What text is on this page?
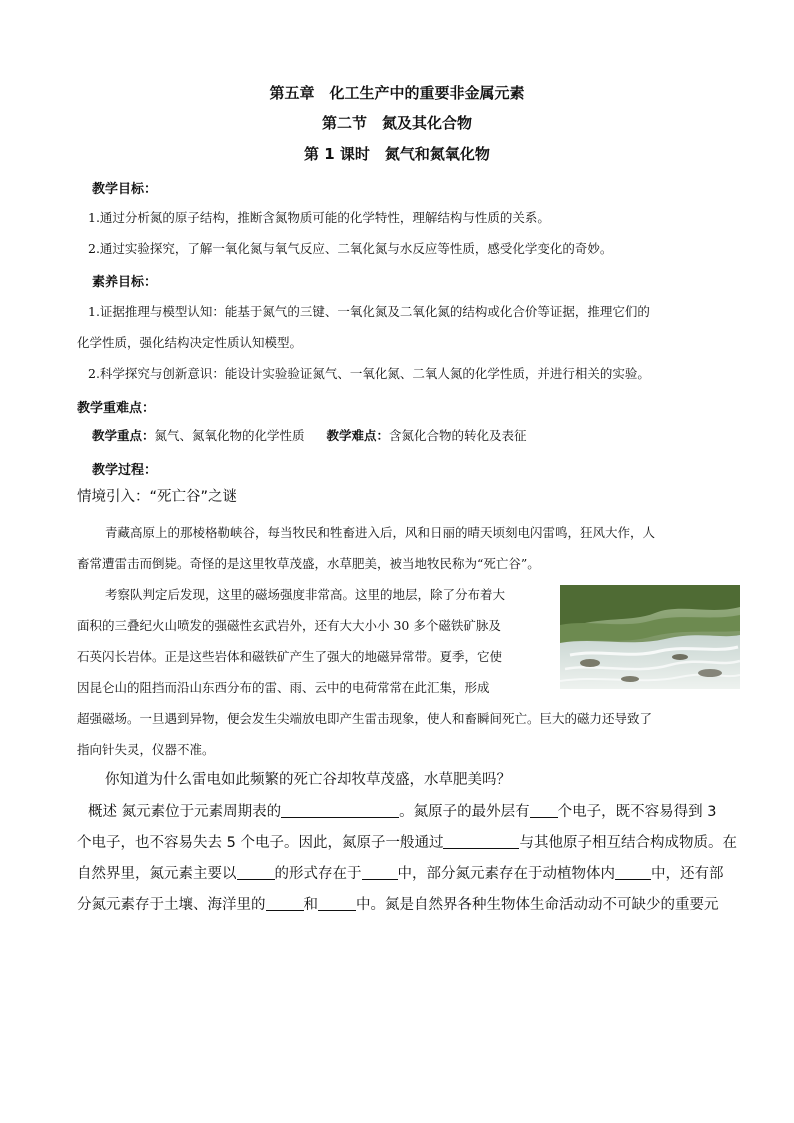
第五章　化工生产中的重要非金属元素
第二节　氮及其化合物
第 1 课时　氮气和氮氧化物
教学目标：
1.通过分析氮的原子结构，推断含氮物质可能的化学特性，理解结构与性质的关系。
2.通过实验探究，了解一氧化氮与氧气反应、二氧化氮与水反应等性质，感受化学变化的奇妙。
素养目标：
1.证据推理与模型认知：能基于氮气的三键、一氧化氮及二氧化氮的结构或化合价等证据，推理它们的
化学性质，强化结构决定性质认知模型。
2.科学探究与创新意识：能设计实验验证氮气、一氧化氮、二氧人氮的化学性质，并进行相关的实验。
教学重难点：
教学重点：氮气、氮氧化物的化学性质 教学难点：含氮化合物的转化及表征
教学过程：
情境引入：“死亡谷”之谜
青藏高原上的那棱格勒峡谷，每当牧民和牲畜进入后，风和日丽的晴天顷刻电闪雷鸣，狂风大作，人
畜常遭雷击而倒毙。奇怪的是这里牧草茂盛，水草肥美，被当地牧民称为“死亡谷”。
考察队判定后发现，这里的磁场强度非常高。这里的地层，除了分布着大
面积的三叠纪火山喷发的强磁性玄武岩外，还有大大小小 30 多个磁铁矿脉及
石英闪长岩体。正是这些岩体和磁铁矿产生了强大的地磁异常带。夏季，它使
因昆仑山的阻挡而沿山东西分布的雷、雨、云中的电荷常常在此汇集，形成
超强磁场。一旦遇到异物，便会发生尖端放电即产生雷击现象，使人和畜瞬间死亡。巨大的磁力还导致了
指向针失灵，仪器不准。
你知道为什么雷电如此频繁的死亡谷却牧草茂盛，水草肥美吗？
概述 氮元素位于元素周期表的	。氮原子的最外层有 个电子，既不容易得到 3
个电子，也不容易失去 5 个电子。因此，氮原子一般通过	与其他原子相互结合构成物质。在
自然界里，氮元素主要以	的形式存在于 中，部分氮元素存在于动植物体内 中，还有部
分氮元素存于土壤、海洋里的	和	中。氮是自然界各种生物体生命活动动不可缺少的重要元
